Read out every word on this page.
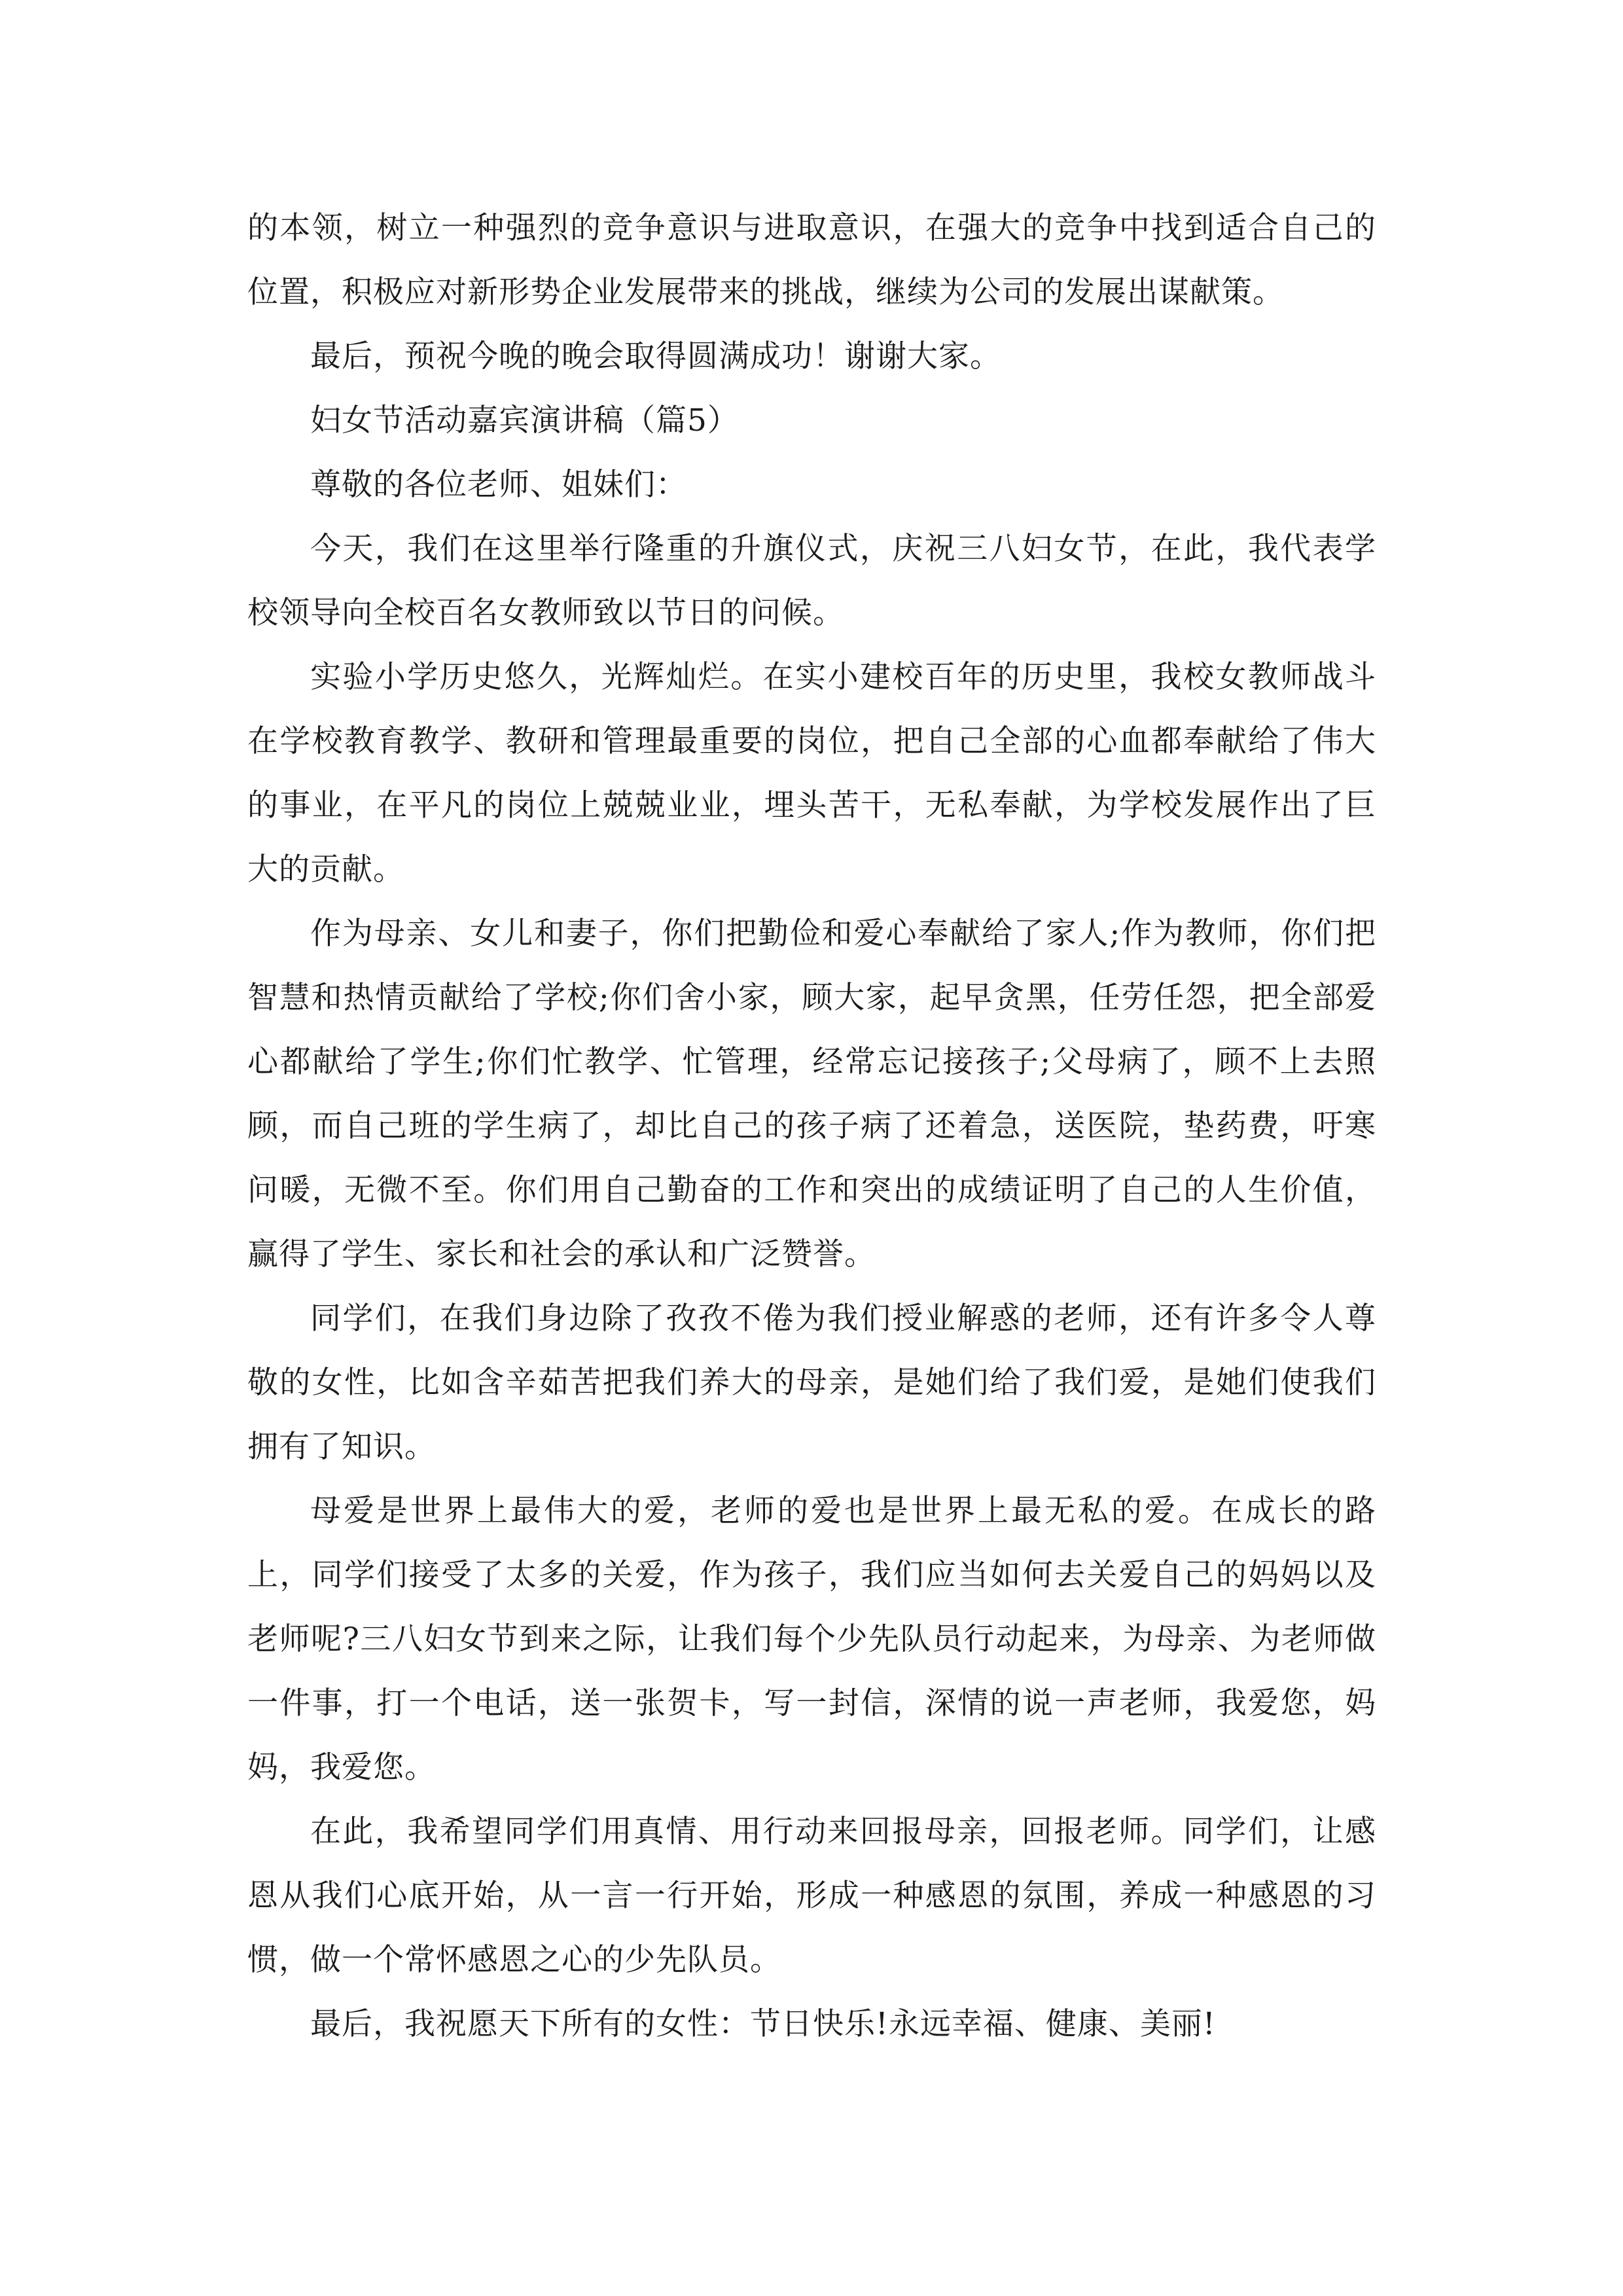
的本领，树立一种强烈的竞争意识与进取意识，在强大的竞争中找到适合自己的位置，积极应对新形势企业发展带来的挑战，继续为公司的发展出谋献策。

最后，预祝今晚的晚会取得圆满成功！谢谢大家。

妇女节活动嘉宾演讲稿（篇5）

尊敬的各位老师、姐妹们：

今天，我们在这里举行隆重的升旗仪式，庆祝三八妇女节，在此，我代表学校领导向全校百名女教师致以节日的问候。

实验小学历史悠久，光辉灿烂。在实小建校百年的历史里，我校女教师战斗在学校教育教学、教研和管理最重要的岗位，把自己全部的心血都奉献给了伟大的事业，在平凡的岗位上兢兢业业，埋头苦干，无私奉献，为学校发展作出了巨大的贡献。

作为母亲、女儿和妻子，你们把勤俭和爱心奉献给了家人;作为教师，你们把智慧和热情贡献给了学校;你们舍小家，顾大家，起早贪黑，任劳任怨，把全部爱心都献给了学生;你们忙教学、忙管理，经常忘记接孩子;父母病了，顾不上去照顾，而自己班的学生病了，却比自己的孩子病了还着急，送医院，垫药费，吁寒问暖，无微不至。你们用自己勤奋的工作和突出的成绩证明了自己的人生价值，赢得了学生、家长和社会的承认和广泛赞誉。

同学们，在我们身边除了孜孜不倦为我们授业解惑的老师，还有许多令人尊敬的女性，比如含辛茹苦把我们养大的母亲，是她们给了我们爱，是她们使我们拥有了知识。

母爱是世界上最伟大的爱，老师的爱也是世界上最无私的爱。在成长的路上，同学们接受了太多的关爱，作为孩子，我们应当如何去关爱自己的妈妈以及老师呢?三八妇女节到来之际，让我们每个少先队员行动起来，为母亲、为老师做一件事，打一个电话，送一张贺卡，写一封信，深情的说一声老师，我爱您，妈妈，我爱您。

在此，我希望同学们用真情、用行动来回报母亲，回报老师。同学们，让感恩从我们心底开始，从一言一行开始，形成一种感恩的氛围，养成一种感恩的习惯，做一个常怀感恩之心的少先队员。

最后，我祝愿天下所有的女性：节日快乐!永远幸福、健康、美丽!
